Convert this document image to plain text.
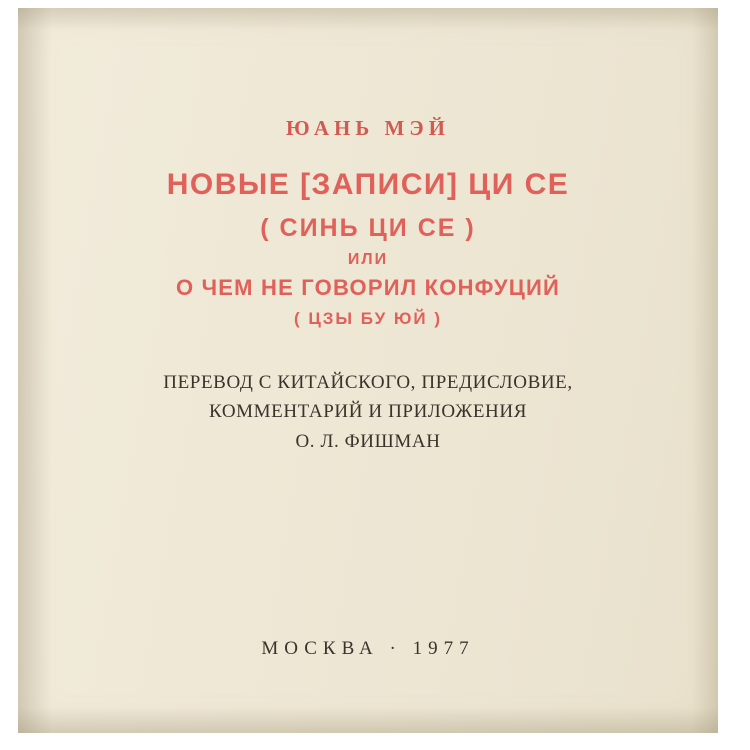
ЮАНЬ МЭЙ
НОВЫЕ [ЗАПИСИ] ЦИ СЕ
( СИНЬ ЦИ СЕ )
ИЛИ
О ЧЕМ НЕ ГОВОРИЛ КОНФУЦИЙ
( ЦЗЫ БУ ЮЙ )
ПЕРЕВОД С КИТАЙСКОГО, ПРЕДИСЛОВИЕ,
КОММЕНТАРИЙ И ПРИЛОЖЕНИЯ
О. Л. ФИШМАН
МОСКВА · 1977
